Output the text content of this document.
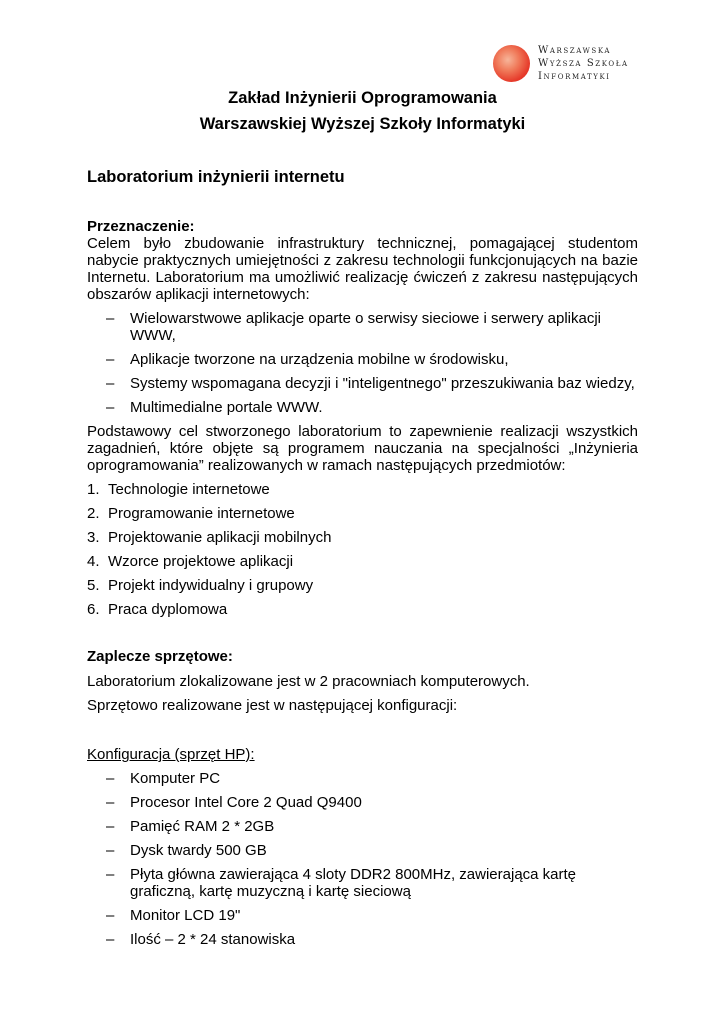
Warszawska
Wyższa Szkoła
Informatyki
Zakład Inżynierii Oprogramowania
Warszawskiej Wyższej Szkoły Informatyki
Laboratorium inżynierii internetu
Przeznaczenie:
Celem było zbudowanie infrastruktury technicznej, pomagającej studentom nabycie praktycznych umiejętności z zakresu technologii funkcjonujących na bazie Internetu. Laboratorium ma umożliwić realizację ćwiczeń z zakresu następujących obszarów aplikacji internetowych:
– Wielowarstwowe aplikacje oparte o serwisy sieciowe i serwery aplikacji WWW,
– Aplikacje tworzone na urządzenia mobilne w środowisku,
– Systemy wspomagana decyzji i "inteligentnego" przeszukiwania baz wiedzy,
– Multimedialne portale WWW.
Podstawowy cel stworzonego laboratorium to zapewnienie realizacji wszystkich zagadnień, które objęte są programem nauczania na specjalności „Inżynieria oprogramowania” realizowanych w ramach następujących przedmiotów:
1. Technologie internetowe
2. Programowanie internetowe
3. Projektowanie aplikacji mobilnych
4. Wzorce projektowe aplikacji
5. Projekt indywidualny i grupowy
6. Praca dyplomowa
Zaplecze sprzętowe:
Laboratorium zlokalizowane jest w 2 pracowniach komputerowych.
Sprzętowo realizowane jest w następującej konfiguracji:
Konfiguracja (sprzęt HP):
– Komputer PC
– Procesor Intel Core 2 Quad Q9400
– Pamięć RAM 2 * 2GB
– Dysk twardy 500 GB
– Płyta główna zawierająca 4 sloty DDR2 800MHz, zawierająca kartę graficzną, kartę muzyczną i kartę sieciową
– Monitor LCD 19"
– Ilość – 2 * 24 stanowiska
